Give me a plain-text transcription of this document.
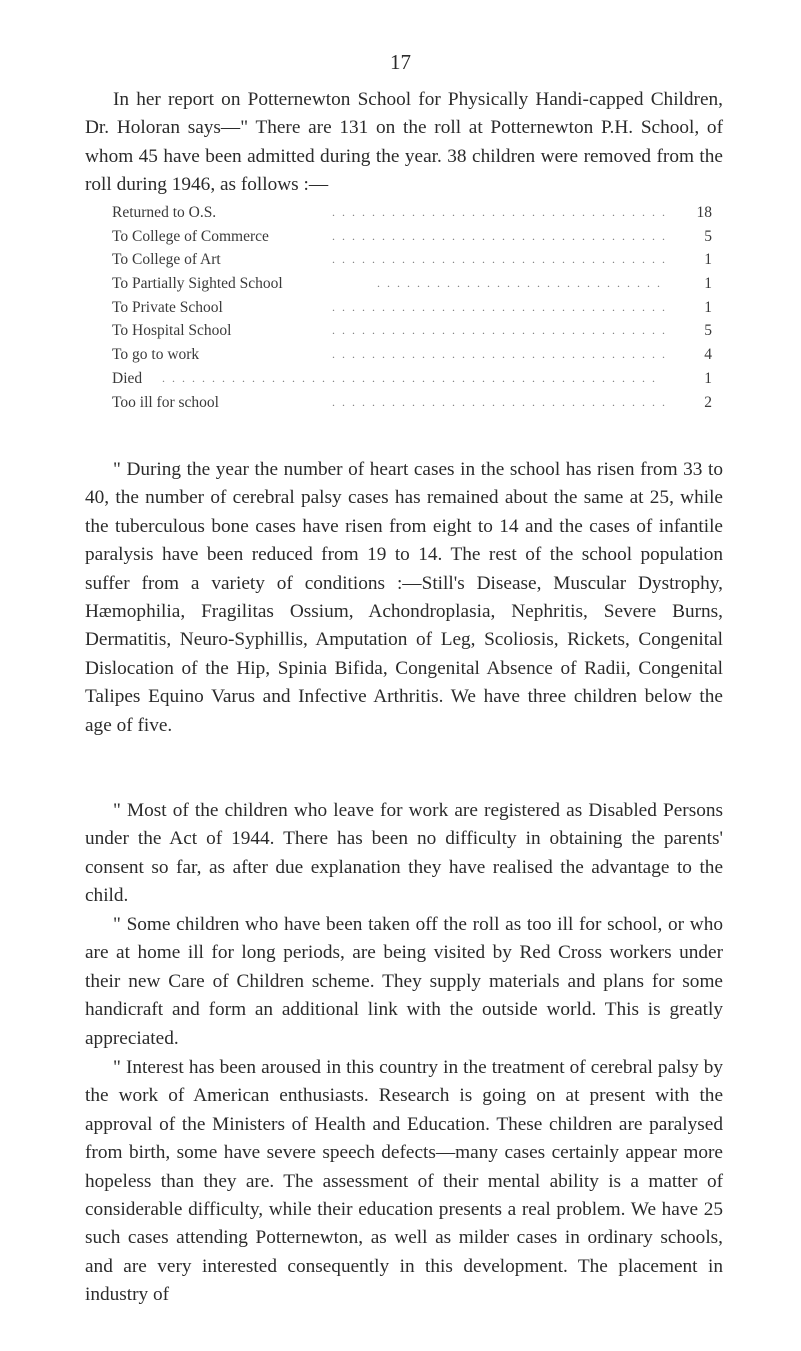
17

In her report on Potternewton School for Physically Handi-capped Children, Dr. Holoran says—" There are 131 on the roll at Potternewton P.H. School, of whom 45 have been admitted during the year. 38 children were removed from the roll during 1946, as follows :—

Returned to O.S.	. . . . . . . . . . . . . . . . . . . . . . . . . . . . . . . . . .	18
To College of Commerce	. . . . . . . . . . . . . . . . . . . . . . . . . . . . . . . . . .	5
To College of Art	. . . . . . . . . . . . . . . . . . . . . . . . . . . . . . . . . .	1
To Partially Sighted School	. . . . . . . . . . . . . . . . . . . . . . . . . . . . .	1
To Private School	. . . . . . . . . . . . . . . . . . . . . . . . . . . . . . . . . .	1
To Hospital School	. . . . . . . . . . . . . . . . . . . . . . . . . . . . . . . . . .	5
To go to work	. . . . . . . . . . . . . . . . . . . . . . . . . . . . . . . . . .	4
Died . . . . . . . . . . . . . . . . . . . . . . . . . . . . . . . . . . . . . . . . . . . . . . . . . .	1
Too ill for school	. . . . . . . . . . . . . . . . . . . . . . . . . . . . . . . . . .	2

" During the year the number of heart cases in the school has risen from 33 to 40, the number of cerebral palsy cases has remained about the same at 25, while the tuberculous bone cases have risen from eight to 14 and the cases of infantile paralysis have been reduced from 19 to 14. The rest of the school population suffer from a variety of conditions :—Still's Disease, Muscular Dystrophy, Hæmophilia, Fragilitas Ossium, Achondroplasia, Nephritis, Severe Burns, Dermatitis, Neuro-Syphillis, Amputation of Leg, Scoliosis, Rickets, Congenital Dislocation of the Hip, Spinia Bifida, Congenital Absence of Radii, Congenital Talipes Equino Varus and Infective Arthritis. We have three children below the age of five.

" Most of the children who leave for work are registered as Disabled Persons under the Act of 1944. There has been no difficulty in obtaining the parents' consent so far, as after due explanation they have realised the advantage to the child.

" Some children who have been taken off the roll as too ill for school, or who are at home ill for long periods, are being visited by Red Cross workers under their new Care of Children scheme. They supply materials and plans for some handicraft and form an additional link with the outside world. This is greatly appreciated.

" Interest has been aroused in this country in the treatment of cerebral palsy by the work of American enthusiasts. Research is going on at present with the approval of the Ministers of Health and Education. These children are paralysed from birth, some have severe speech defects—many cases certainly appear more hopeless than they are. The assessment of their mental ability is a matter of considerable difficulty, while their education presents a real problem. We have 25 such cases attending Potternewton, as well as milder cases in ordinary schools, and are very interested consequently in this development. The placement in industry of
